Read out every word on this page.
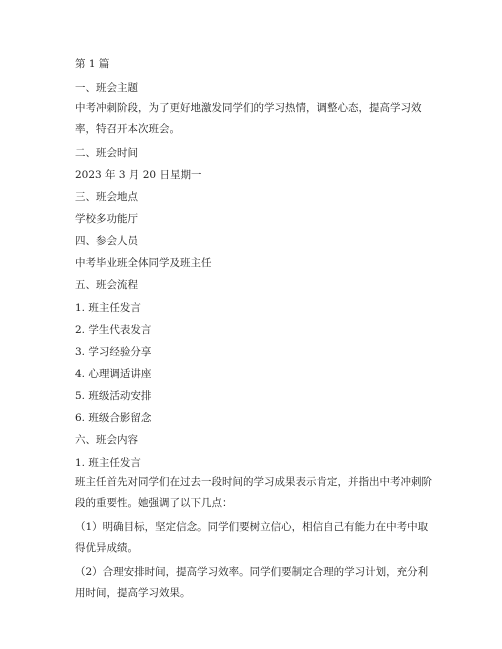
第 1 篇
一、班会主题
中考冲刺阶段，为了更好地激发同学们的学习热情，调整心态，提高学习效率，特召开本次班会。
二、班会时间
2023 年 3 月 20 日星期一
三、班会地点
学校多功能厅
四、参会人员
中考毕业班全体同学及班主任
五、班会流程
1. 班主任发言
2. 学生代表发言
3. 学习经验分享
4. 心理调适讲座
5. 班级活动安排
6. 班级合影留念
六、班会内容
1. 班主任发言
班主任首先对同学们在过去一段时间的学习成果表示肯定，并指出中考冲刺阶段的重要性。她强调了以下几点：
（1）明确目标，坚定信念。同学们要树立信心，相信自己有能力在中考中取得优异成绩。
（2）合理安排时间，提高学习效率。同学们要制定合理的学习计划，充分利用时间，提高学习效果。
